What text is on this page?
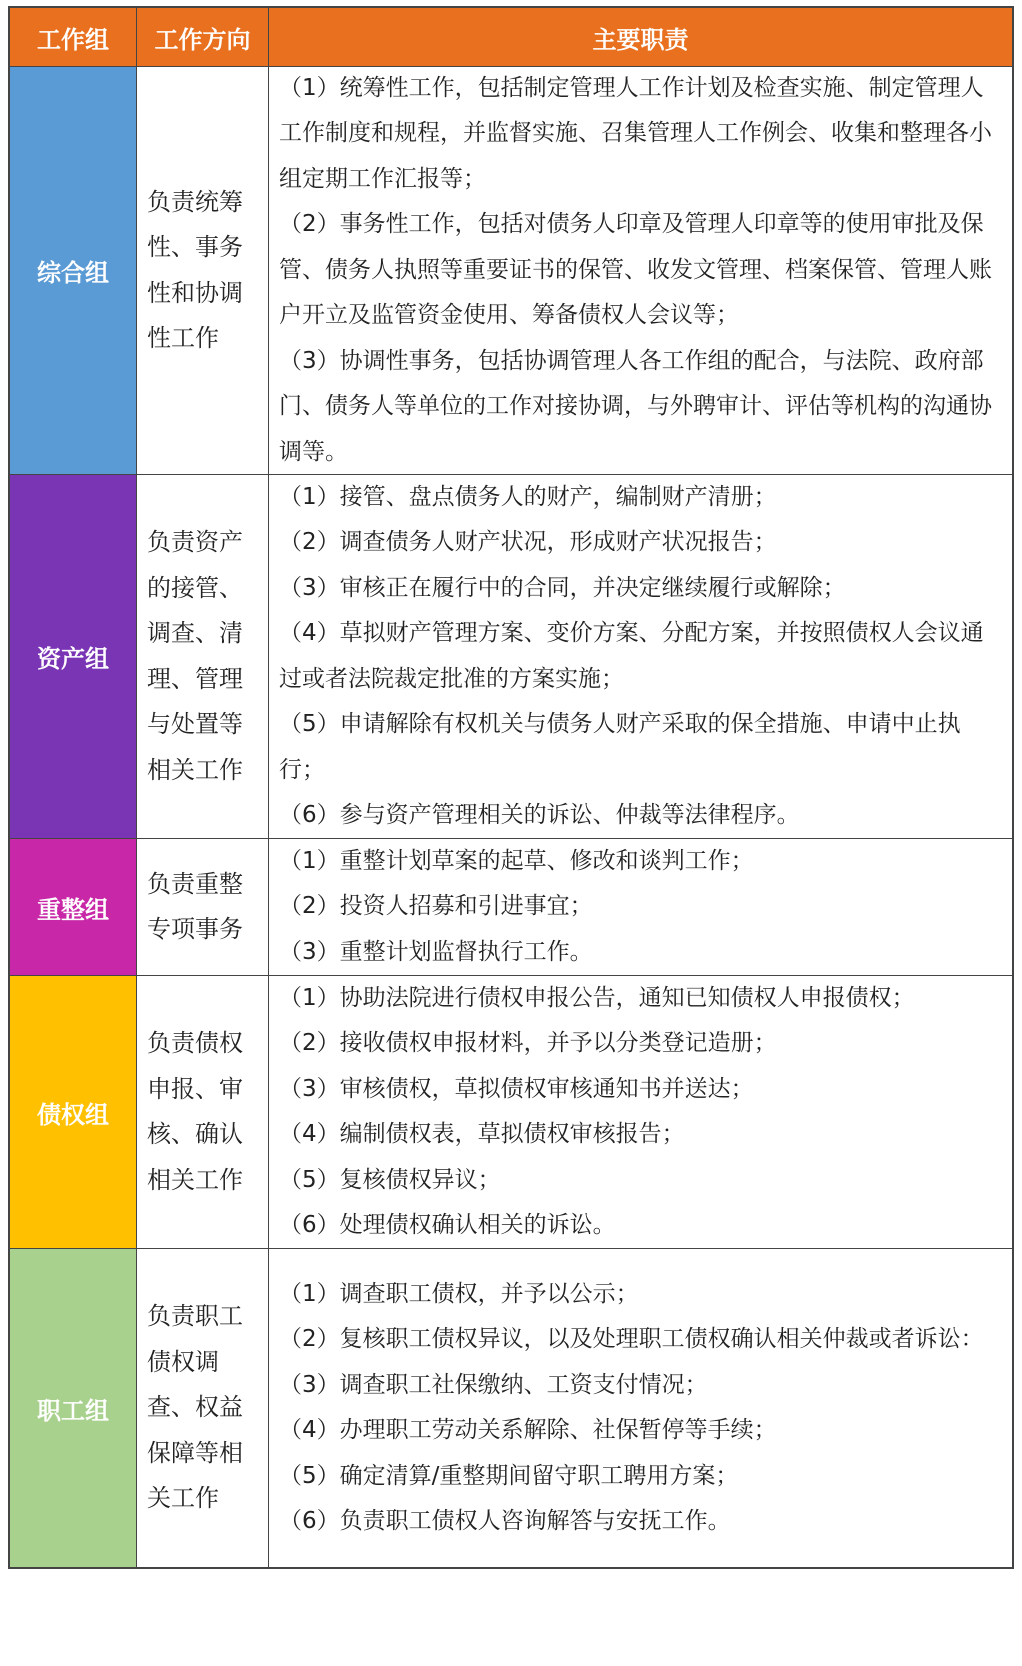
工作组	工作方向	主要职责
综合组
负责统筹性、事务性和协调性工作
（1）统筹性工作，包括制定管理人工作计划及检查实施、制定管理人工作制度和规程，并监督实施、召集管理人工作例会、收集和整理各小组定期工作汇报等；
（2）事务性工作，包括对债务人印章及管理人印章等的使用审批及保管、债务人执照等重要证书的保管、收发文管理、档案保管、管理人账户开立及监管资金使用、筹备债权人会议等；
（3）协调性事务，包括协调管理人各工作组的配合，与法院、政府部门、债务人等单位的工作对接协调，与外聘审计、评估等机构的沟通协调等。
资产组
负责资产的接管、调查、清理、管理与处置等相关工作
（1）接管、盘点债务人的财产，编制财产清册；
（2）调查债务人财产状况，形成财产状况报告；
（3）审核正在履行中的合同，并决定继续履行或解除；
（4）草拟财产管理方案、变价方案、分配方案，并按照债权人会议通过或者法院裁定批准的方案实施；
（5）申请解除有权机关与债务人财产采取的保全措施、申请中止执行；
（6）参与资产管理相关的诉讼、仲裁等法律程序。
重整组
负责重整专项事务
（1）重整计划草案的起草、修改和谈判工作；
（2）投资人招募和引进事宜；
（3）重整计划监督执行工作。
债权组
负责债权申报、审核、确认相关工作
（1）协助法院进行债权申报公告，通知已知债权人申报债权；
（2）接收债权申报材料，并予以分类登记造册；
（3）审核债权，草拟债权审核通知书并送达；
（4）编制债权表，草拟债权审核报告；
（5）复核债权异议；
（6）处理债权确认相关的诉讼。
职工组
负责职工债权调查、权益保障等相关工作
（1）调查职工债权，并予以公示；
（2）复核职工债权异议，以及处理职工债权确认相关仲裁或者诉讼：
（3）调查职工社保缴纳、工资支付情况；
（4）办理职工劳动关系解除、社保暂停等手续；
（5）确定清算/重整期间留守职工聘用方案；
（6）负责职工债权人咨询解答与安抚工作。
